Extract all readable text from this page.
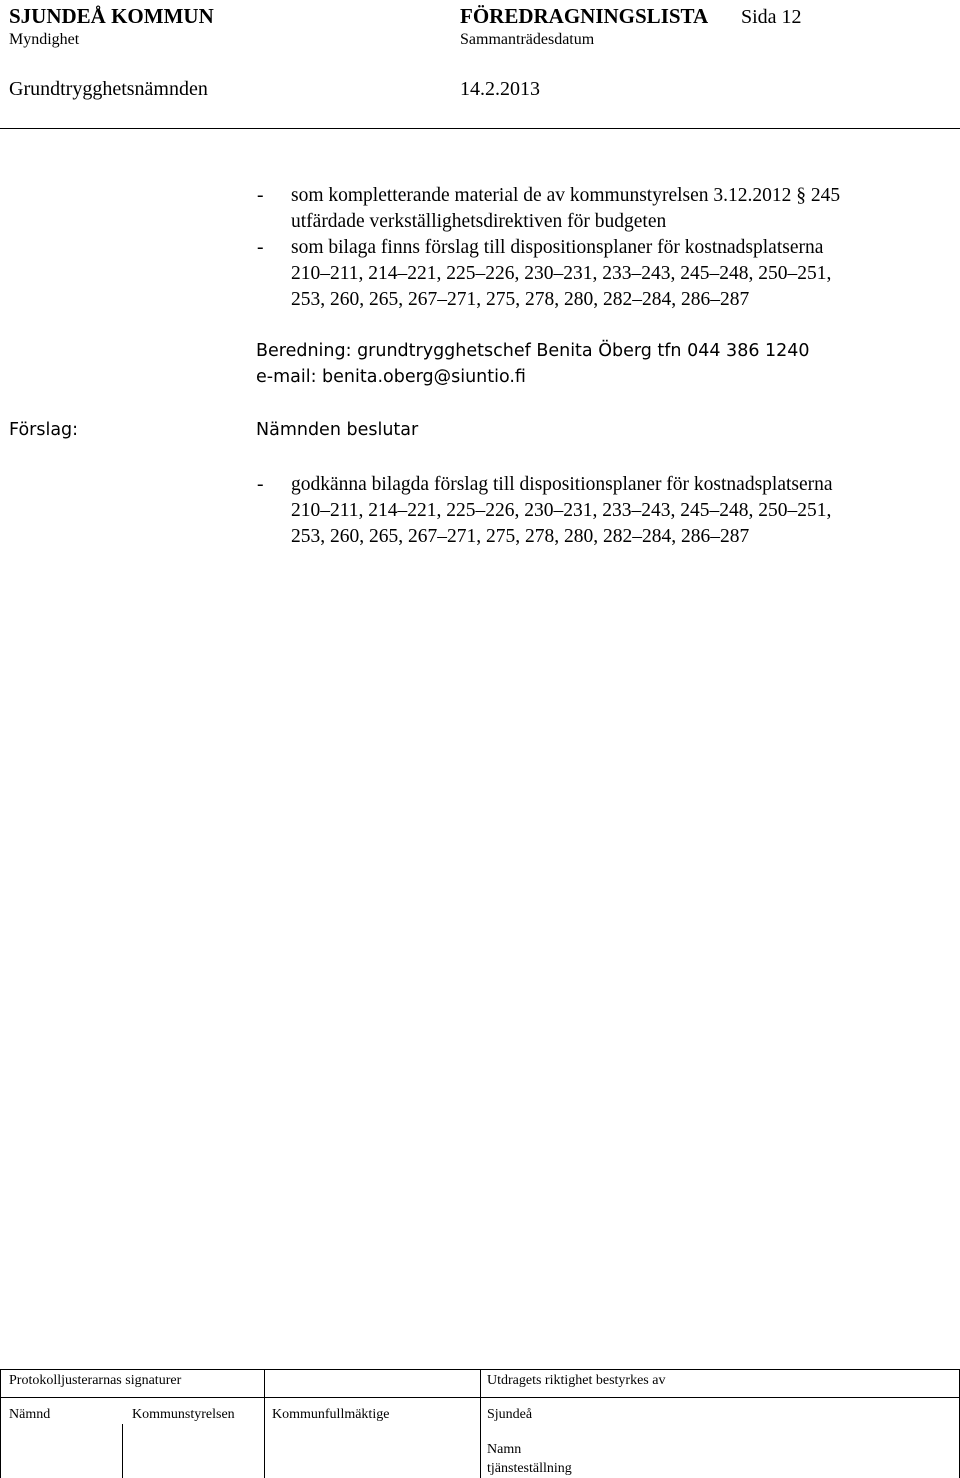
SJUNDEÅ KOMMUN	FÖREDRAGNINGSLISTA Sida 12
Myndighet	Sammanträdesdatum
Grundtrygghetsnämnden	14.2.2013
- som kompletterande material de av kommunstyrelsen 3.12.2012 § 245
utfärdade verkställighetsdirektiven för budgeten
- som bilaga finns förslag till dispositionsplaner för kostnadsplatserna
210–211, 214–221, 225–226, 230–231, 233–243, 245–248, 250–251,
253, 260, 265, 267–271, 275, 278, 280, 282–284, 286–287
Beredning: grundtrygghetschef Benita Öberg tfn 044 386 1240
e-mail: benita.oberg@siuntio.fi
Förslag:	Nämnden beslutar
- godkänna bilagda förslag till dispositionsplaner för kostnadsplatserna
210–211, 214–221, 225–226, 230–231, 233–243, 245–248, 250–251,
253, 260, 265, 267–271, 275, 278, 280, 282–284, 286–287
Protokolljusterarnas signaturer	Utdragets riktighet bestyrkes av
Nämnd	Kommunstyrelsen	Kommunfullmäktige	Sjundeå
Namn
tjänsteställning
